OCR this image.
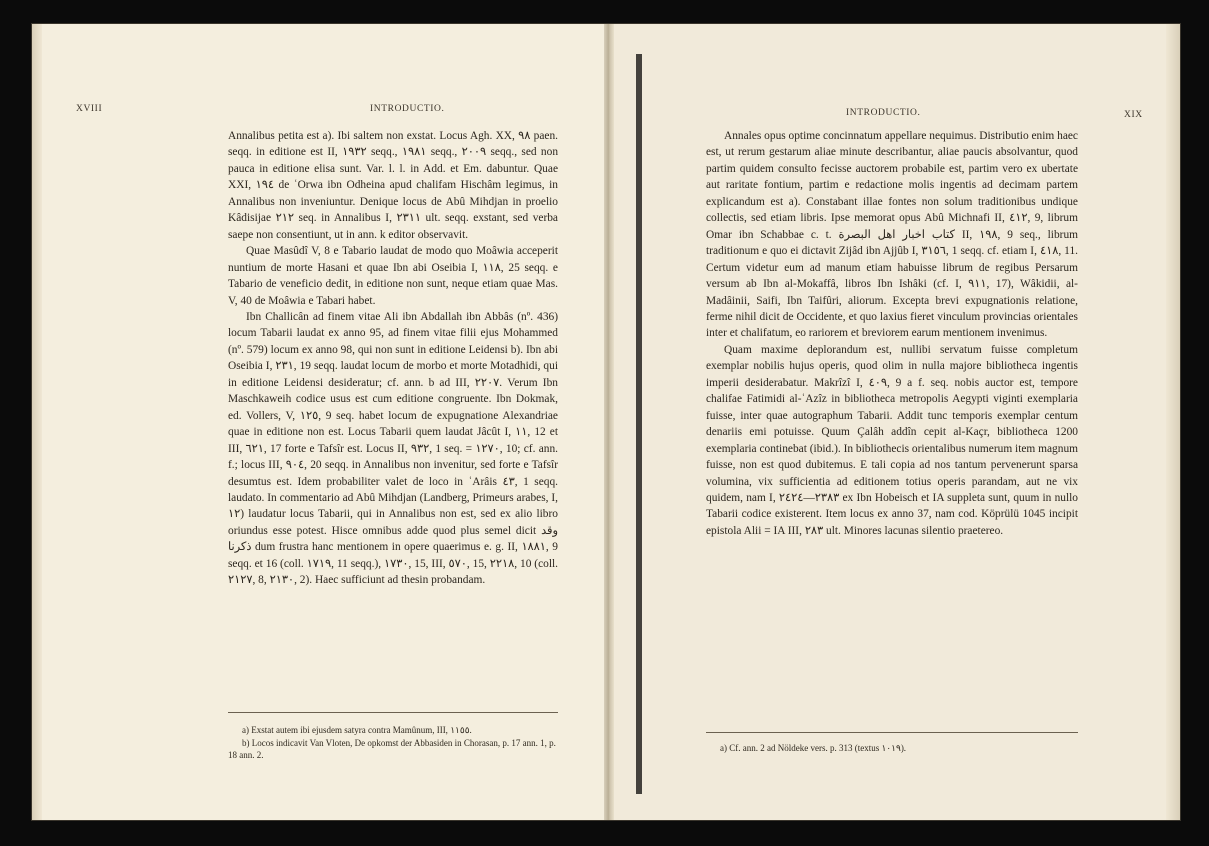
XVIII	INTRODUCTIO.

Annalibus petita est a). Ibi saltem non exstat. Locus Agh. XX, ٩٨ paen. seqq. in editione est II, ١٩٣٢ seqq., ١٩٨١ seqq., ٢٠٠٩ seqq., sed non pauca in editione elisa sunt. Var. l. l. in Add. et Em. dabuntur. Quae XXI, ١٩٤ de ʿOrwa ibn Odheina apud chalifam Hischâm legimus, in Annalibus non inveniuntur. Denique locus de Abû Mihdjan in proelio Kâdisijae ٢١٢ seq. in Annalibus I, ٢٣١١ ult. seqq. exstant, sed verba saepe non consentiunt, ut in ann. k editor observavit.

Quae Masûdî V, 8 e Tabario laudat de modo quo Moâwia acceperit nuntium de morte Hasani et quae Ibn abi Oseibia I, ١١٨, 25 seqq. e Tabario de veneficio dedit, in editione non sunt, neque etiam quae Mas. V, 40 de Moâwia e Tabari habet.

Ibn Challicân ad finem vitae Ali ibn Abdallah ibn Abbâs (nº. 436) locum Tabarii laudat ex anno 95, ad finem vitae filii ejus Mohammed (nº. 579) locum ex anno 98, qui non sunt in editione Leidensi b). Ibn abi Oseibia I, ٢٣١, 19 seqq. laudat locum de morbo et morte Motadhidi, qui in editione Leidensi desideratur; cf. ann. b ad III, ٢٢٠٧. Verum Ibn Maschkaweih codice usus est cum editione congruente. Ibn Dokmak, ed. Vollers, V, ١٢٥, 9 seq. habet locum de expugnatione Alexandriae quae in editione non est. Locus Tabarii quem laudat Jâcût I, ١١, 12 et III, ٦٢١, 17 forte e Tafsîr est. Locus II, ٩٣٢, 1 seq. = ١٢٧٠, 10; cf. ann. f.; locus III, ٩٠٤, 20 seqq. in Annalibus non invenitur, sed forte e Tafsîr desumtus est. Idem probabiliter valet de loco in ʿArâis ٤٣, 1 seqq. laudato. In commentario ad Abû Mihdjan (Landberg, Primeurs arabes, I, ١٢) laudatur locus Tabarii, qui in Annalibus non est, sed ex alio libro oriundus esse potest. Hisce omnibus adde quod plus semel dicit وقد ذكرنا dum frustra hanc mentionem in opere quaerimus e. g. II, ١٨٨١, 9 seqq. et 16 (coll. ١٧١٩, 11 seqq.), ١٧٣٠, 15, III, ٥٧٠, 15, ٢٢١٨, 10 (coll. ٢١٢٧, 8, ٢١٣٠, 2). Haec sufficiunt ad thesin probandam.

a) Exstat autem ibi ejusdem satyra contra Mamûnum, III, ١١٥٥.

b) Locos indicavit Van Vloten, De opkomst der Abbasiden in Chorasan, p. 17 ann. 1, p. 18 ann. 2.

INTRODUCTIO.	XIX

Annales opus optime concinnatum appellare nequimus. Distributio enim haec est, ut rerum gestarum aliae minute describantur, aliae paucis absolvantur, quod partim quidem consulto fecisse auctorem probabile est, partim vero ex ubertate aut raritate fontium, partim e redactione molis ingentis ad decimam partem explicandum est a). Constabant illae fontes non solum traditionibus undique collectis, sed etiam libris. Ipse memorat opus Abû Michnafi II, ٤١٢, 9, librum Omar ibn Schabbae c. t. كتاب اخبار اهل البصرة II, ١٩٨, 9 seq., librum traditionum e quo ei dictavit Zijâd ibn Ajjûb I, ٣١٥٦, 1 seqq. cf. etiam I, ٤١٨, 11. Certum videtur eum ad manum etiam habuisse librum de regibus Persarum versum ab Ibn al-Mokaffâ, libros Ibn Ishâki (cf. I, ٩١١, 17), Wâkidii, al-Madâinii, Saifi, Ibn Taifûri, aliorum. Excepta brevi expugnationis relatione, ferme nihil dicit de Occidente, et quo laxius fieret vinculum provincias orientales inter et chalifatum, eo rariorem et breviorem earum mentionem invenimus.

Quam maxime deplorandum est, nullibi servatum fuisse completum exemplar nobilis hujus operis, quod olim in nulla majore bibliotheca ingentis imperii desiderabatur. Makrîzî I, ٤٠٩, 9 a f. seq. nobis auctor est, tempore chalifae Fatimidi al-ʿAzîz in bibliotheca metropolis Aegypti viginti exemplaria fuisse, inter quae autographum Tabarii. Addit tunc temporis exemplar centum denariis emi potuisse. Quum Çalâh addîn cepit al-Kaçr, bibliotheca 1200 exemplaria continebat (ibid.). In bibliothecis orientalibus numerum item magnum fuisse, non est quod dubitemus. E tali copia ad nos tantum pervenerunt sparsa volumina, vix sufficientia ad editionem totius operis parandam, aut ne vix quidem, nam I, ٢٣٨٣—٢٤٢٤ ex Ibn Hobeisch et IA suppleta sunt, quum in nullo Tabarii codice existerent. Item locus ex anno 37, nam cod. Köprülü 1045 incipit epistola Alii = IA III, ٢٨٣ ult. Minores lacunas silentio praetereo.

a) Cf. ann. 2 ad Nöldeke vers. p. 313 (textus ١٠١٩).
